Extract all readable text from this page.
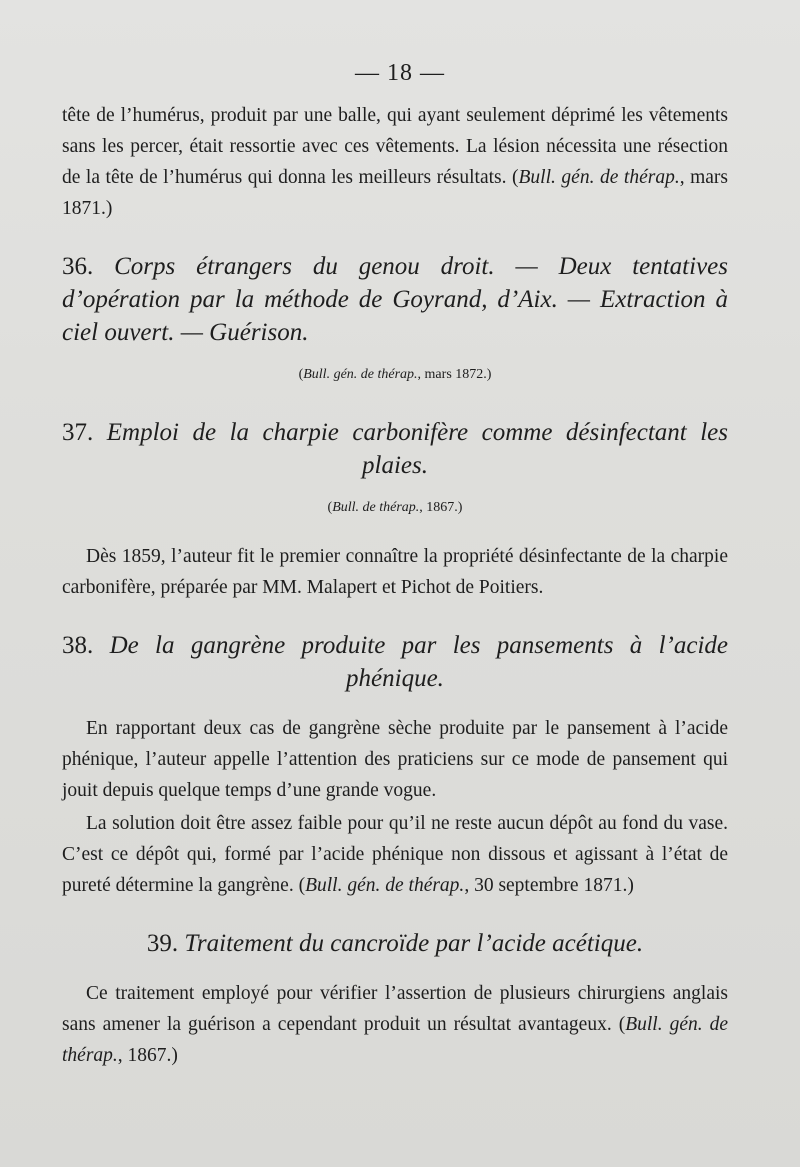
— 18 —

tête de l’humérus, produit par une balle, qui ayant seulement déprimé les vêtements sans les percer, était ressortie avec ces vêtements. La lésion nécessita une résection de la tête de l’humérus qui donna les meilleurs résultats. (Bull. gén. de thérap., mars 1871.)

36. Corps étrangers du genou droit. — Deux tentatives d’opération par la méthode de Goyrand, d’Aix. — Extraction à ciel ouvert. — Guérison.

(Bull. gén. de thérap., mars 1872.)

37. Emploi de la charpie carbonifère comme désinfectant les plaies.

(Bull. de thérap., 1867.)

Dès 1859, l’auteur fit le premier connaître la propriété désinfectante de la charpie carbonifère, préparée par MM. Malapert et Pichot de Poitiers.

38. De la gangrène produite par les pansements à l’acide phénique.

En rapportant deux cas de gangrène sèche produite par le pansement à l’acide phénique, l’auteur appelle l’attention des praticiens sur ce mode de pansement qui jouit depuis quelque temps d’une grande vogue.

La solution doit être assez faible pour qu’il ne reste aucun dépôt au fond du vase. C’est ce dépôt qui, formé par l’acide phénique non dissous et agissant à l’état de pureté détermine la gangrène. (Bull. gén. de thérap., 30 septembre 1871.)

39. Traitement du cancroïde par l’acide acétique.

Ce traitement employé pour vérifier l’assertion de plusieurs chirurgiens anglais sans amener la guérison a cependant produit un résultat avantageux. (Bull. gén. de thérap., 1867.)
